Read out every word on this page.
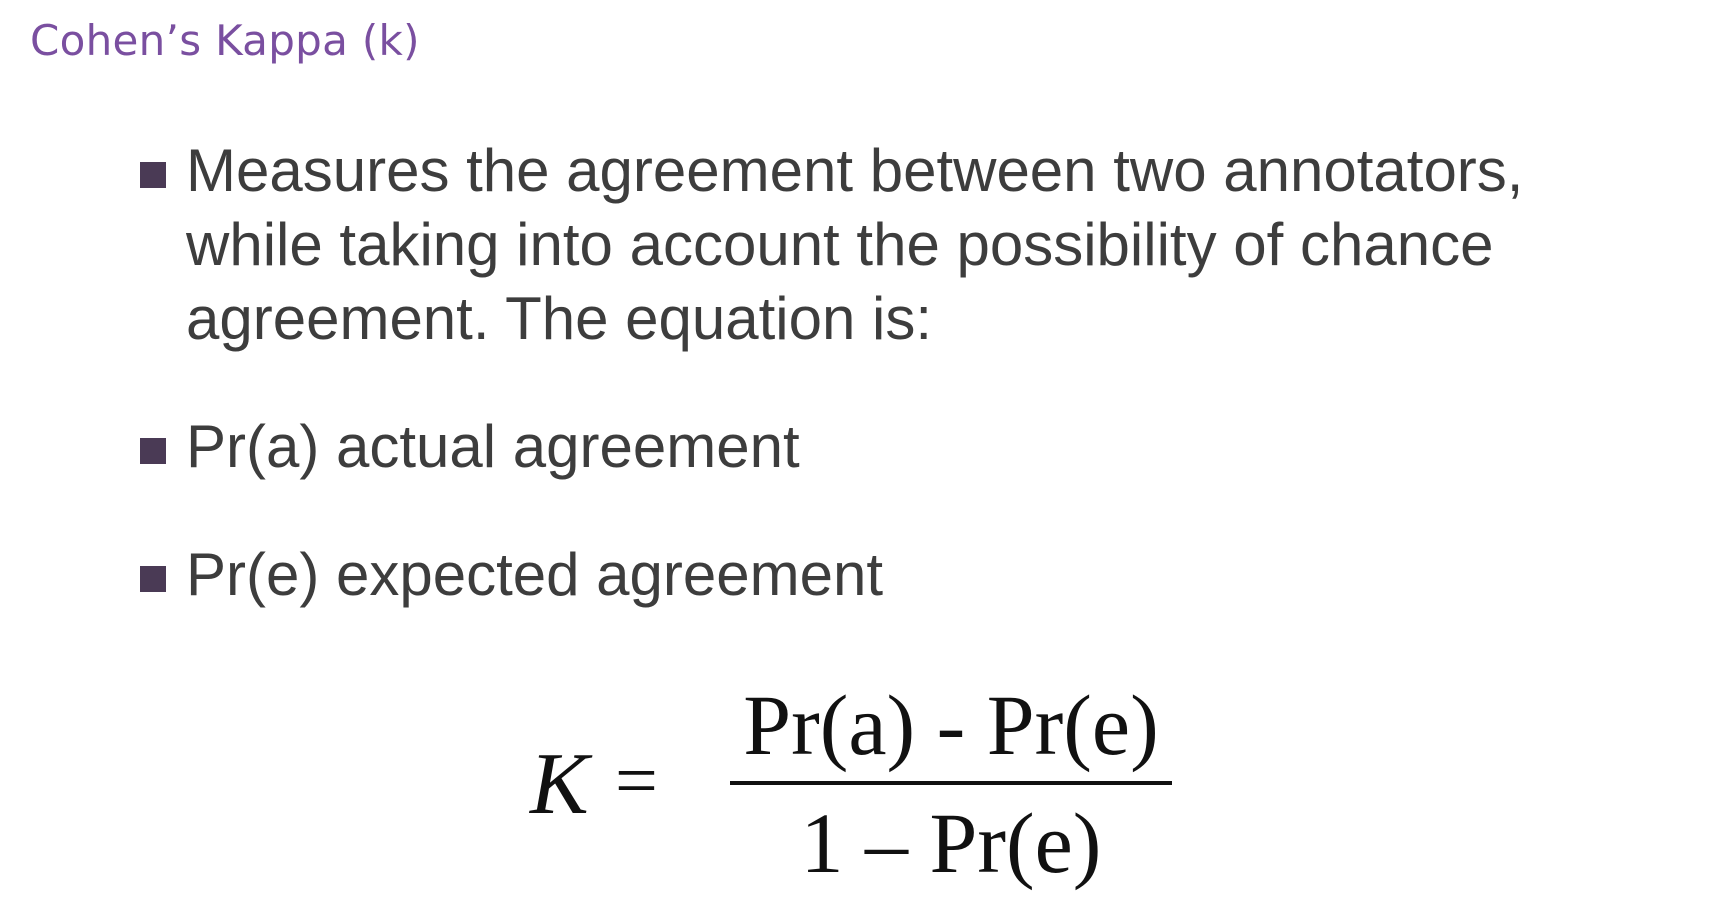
Cohen’s Kappa (k)
Measures the agreement between two annotators, while taking into account the possibility of chance agreement. The equation is:
Pr(a) actual agreement
Pr(e) expected agreement
K =
Pr(a) - Pr(e)
1 – Pr(e)
